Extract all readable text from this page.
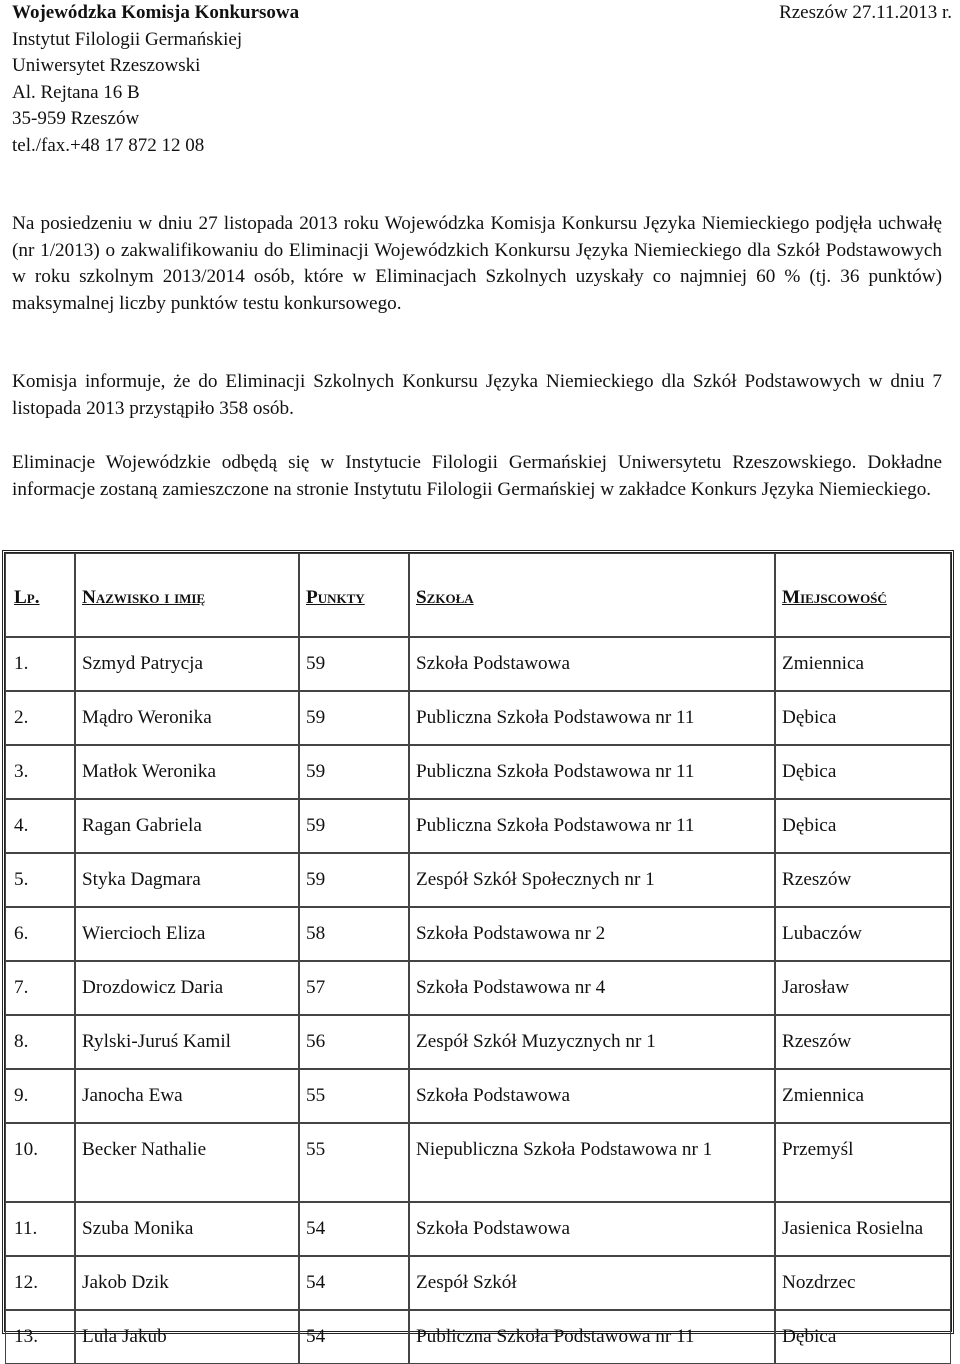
Wojewódzka Komisja Konkursowa	Rzeszów 27.11.2013 r.
Instytut Filologii Germańskiej
Uniwersytet Rzeszowski
Al. Rejtana 16 B
35-959 Rzeszów
tel./fax.+48 17 872 12 08
Na posiedzeniu w dniu 27 listopada 2013 roku Wojewódzka Komisja Konkursu Języka Niemieckiego podjęła uchwałę (nr 1/2013) o zakwalifikowaniu do Eliminacji Wojewódzkich Konkursu Języka Niemieckiego dla Szkół Podstawowych w roku szkolnym 2013/2014 osób, które w Eliminacjach Szkolnych uzyskały co najmniej 60 % (tj. 36 punktów) maksymalnej liczby punktów testu konkursowego.
Komisja informuje, że do Eliminacji Szkolnych Konkursu Języka Niemieckiego dla Szkół Podstawowych w dniu 7 listopada 2013 przystąpiło 358 osób.
Eliminacje Wojewódzkie odbędą się w Instytucie Filologii Germańskiej Uniwersytetu Rzeszowskiego. Dokładne informacje zostaną zamieszczone na stronie Instytutu Filologii Germańskiej w zakładce Konkurs Języka Niemieckiego.
Lp.	Nazwisko i imię	Punkty	Szkoła	Miejscowość

1.	Szmyd Patrycja	59	Szkoła Podstawowa	Zmiennica

2.	Mądro Weronika	59	Publiczna Szkoła Podstawowa nr 11	Dębica

3.	Matłok Weronika	59	Publiczna Szkoła Podstawowa nr 11	Dębica

4.	Ragan Gabriela	59	Publiczna Szkoła Podstawowa nr 11	Dębica

5.	Styka Dagmara	59	Zespół Szkół Społecznych nr 1	Rzeszów

6.	Wiercioch Eliza	58	Szkoła Podstawowa nr 2	Lubaczów

7.	Drozdowicz Daria	57	Szkoła Podstawowa nr 4	Jarosław

8.	Rylski-Juruś Kamil	56	Zespół Szkół Muzycznych nr 1	Rzeszów

9.	Janocha Ewa	55	Szkoła Podstawowa	Zmiennica

10.	Becker Nathalie	55	Niepubliczna Szkoła Podstawowa nr 1	Przemyśl

11.	Szuba Monika	54	Szkoła Podstawowa	Jasienica Rosielna

12.	Jakob Dzik	54	Zespół Szkół	Nozdrzec

13.	Lula Jakub	54	Publiczna Szkoła Podstawowa nr 11	Dębica
